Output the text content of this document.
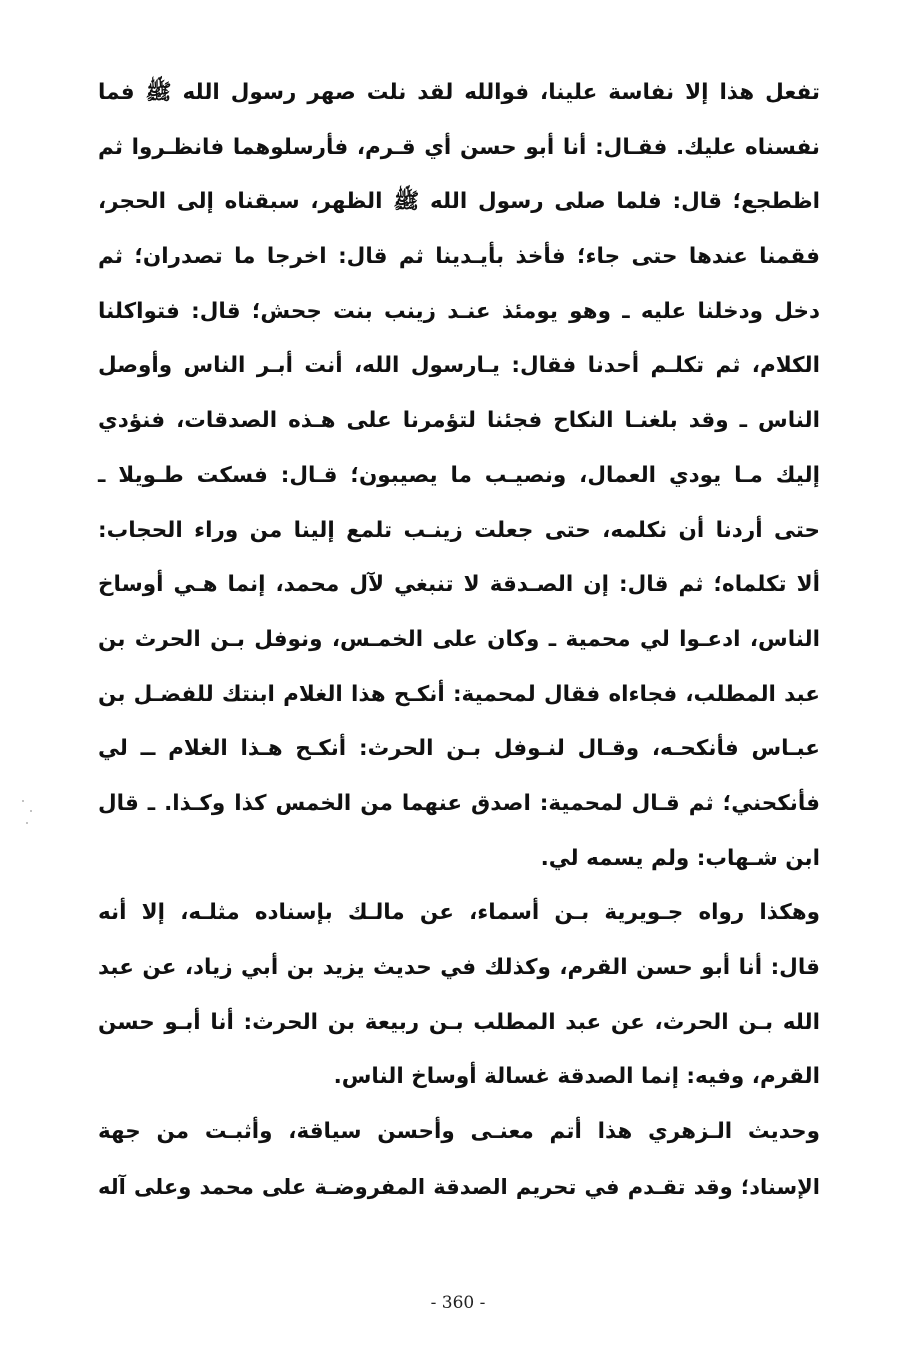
تفعل هذا إلا نفاسة علينا، فوالله لقد نلت صهر رسول الله ﷺ فما
نفسناه عليك. فقـال: أنا أبو حسن أي قـرم، فأرسلوهما فانظـروا ثم
اظطجع؛ قال: فلما صلى رسول الله ﷺ الظهر، سبقناه إلى الحجر،
فقمنا عندها حتى جاء؛ فأخذ بأيـدينا ثم قال: اخرجا ما تصدران؛ ثم
دخل ودخلنا عليه ـ وهو يومئذ عنـد زينب بنت جحش؛ قال: فتواكلنا
الكلام، ثم تكلـم أحدنا فقال: يـارسول الله، أنت أبـر الناس وأوصل
الناس ـ وقد بلغنـا النكاح فجئنا لتؤمرنا على هـذه الصدقات، فنؤدي
إليك مـا يودي العمال، ونصيـب ما يصيبون؛ قـال: فسكت طـويلا ـ
حتى أردنا أن نكلمه، حتى جعلت زينـب تلمع إلينا من وراء الحجاب:
ألا تكلماه؛ ثم قال: إن الصـدقة لا تنبغي لآل محمد، إنما هـي أوساخ
الناس، ادعـوا لي محمية ـ وكان على الخمـس، ونوفل بـن الحرث بن
عبد المطلب، فجاءاه فقال لمحمية: أنكـح هذا الغلام ابنتك للفضـل بن
عبـاس فأنكحـه، وقـال لنـوفل بـن الحرث: أنكـح هـذا الغلام ــ لي
فأنكحني؛ ثم قـال لمحمية: اصدق عنهما من الخمس كذا وكـذا. ـ قال
ابن شـهاب: ولم يسمه لي.
وهكذا رواه جـويرية بـن أسماء، عن مالـك بإسناده مثلـه، إلا أنه
قال: أنا أبو حسن القرم، وكذلك في حديث يزيد بن أبي زياد، عن عبد
الله بـن الحرث، عن عبد المطلب بـن ربيعة بن الحرث: أنا أبـو حسن
القرم، وفيه: إنما الصدقة غسالة أوساخ الناس.
وحديث الـزهري هذا أتم معنـى وأحسن سياقة، وأثبـت من جهة
الإسناد؛ وقد تقـدم في تحريم الصدقة المفروضـة على محمد وعلى آله
- 360 -
